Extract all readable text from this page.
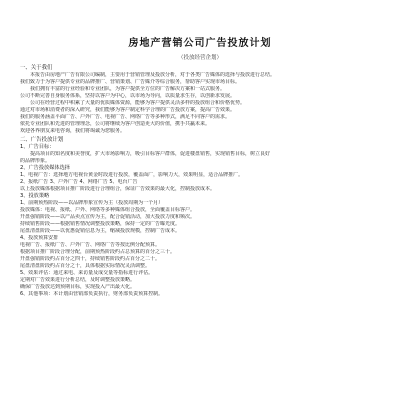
房地产营销公司广告投放计划
（投放经营企划）
一、关于我们
本报告由房地产广告有限公司编制，主要用于营销管理及投放分析，对于各类广告媒体的选择与投放进行总结。
我们致力于为客户提供专业的品牌推广、营销策划、广告媒介等综合服务，帮助客户实现市场目标。
我们拥有丰富的行业经验和专业团队，为客户提供全方位的广告解决方案和一站式服务。
公司不断完善自身服务体系，坚持以客户为中心，以市场为导向，以质量求生存，以创新求发展。
公司在经营过程中积累了大量的优质媒体资源，能够为客户提供灵活多样的投放组合和价格优势。
通过对市场和消费者的深入研究，我们能够为客户制定科学合理的广告投放方案，提高广告效果。
我们的服务涵盖平面广告、户外广告、电视广告、网络广告等多种形式，满足不同客户的需求。
依托专业团队和先进的管理理念，公司将继续为客户创造更大的价值，携手共赢未来。
欢迎各界朋友来电咨询，我们将竭诚为您服务。
二、广告投放计划
1、广告目标：
提高项目的知名度和美誉度，扩大市场影响力，吸引目标客户群体，促进楼盘销售，实现销售目标，树立良好
的品牌形象。
2、广告投放媒体选择
1、电视广告：选择地方电视台黄金时段进行投放，覆盖面广，影响力大，效果明显，适合品牌推广。
2、报纸广告 3、户外广告 4、网络广告 5、电台广告
以上投放媒体根据项目推广阶段进行合理组合，保证广告效果的最大化，控制投放成本。
3、投放策略
1、前期预热阶段——以品牌形象宣传为主（投放周期为一个月）
投放媒体：电视、报纸、户外、网络等多种媒体组合投放，全面覆盖目标客户。
开盘强销阶段——以产品卖点宣传为主，配合促销活动，加大投放力度和频次。
持续销售阶段——根据销售情况调整投放策略，保持一定的广告曝光度。
尾盘清盘阶段——以优惠促销信息为主，缩减投放规模，控制广告成本。
4、投放预算安排
电视广告、报纸广告、户外广告、网络广告等按比例分配预算。
根据项目推广阶段合理分配，前期预热阶段约占总预算的百分之三十。
开盘强销阶段约占百分之四十，持续销售阶段约占百分之二十。
尾盘清盘阶段约占百分之十，具体根据实际情况灵活调整。
5、效果评估：通过来电、来访量及成交量等指标进行评估。
定期对广告效果进行分析总结，及时调整投放策略。
确保广告投放达到预期目标，实现投入产出最大化。
6、其他事项：本计划由营销部负责执行，财务部负责预算控制。
